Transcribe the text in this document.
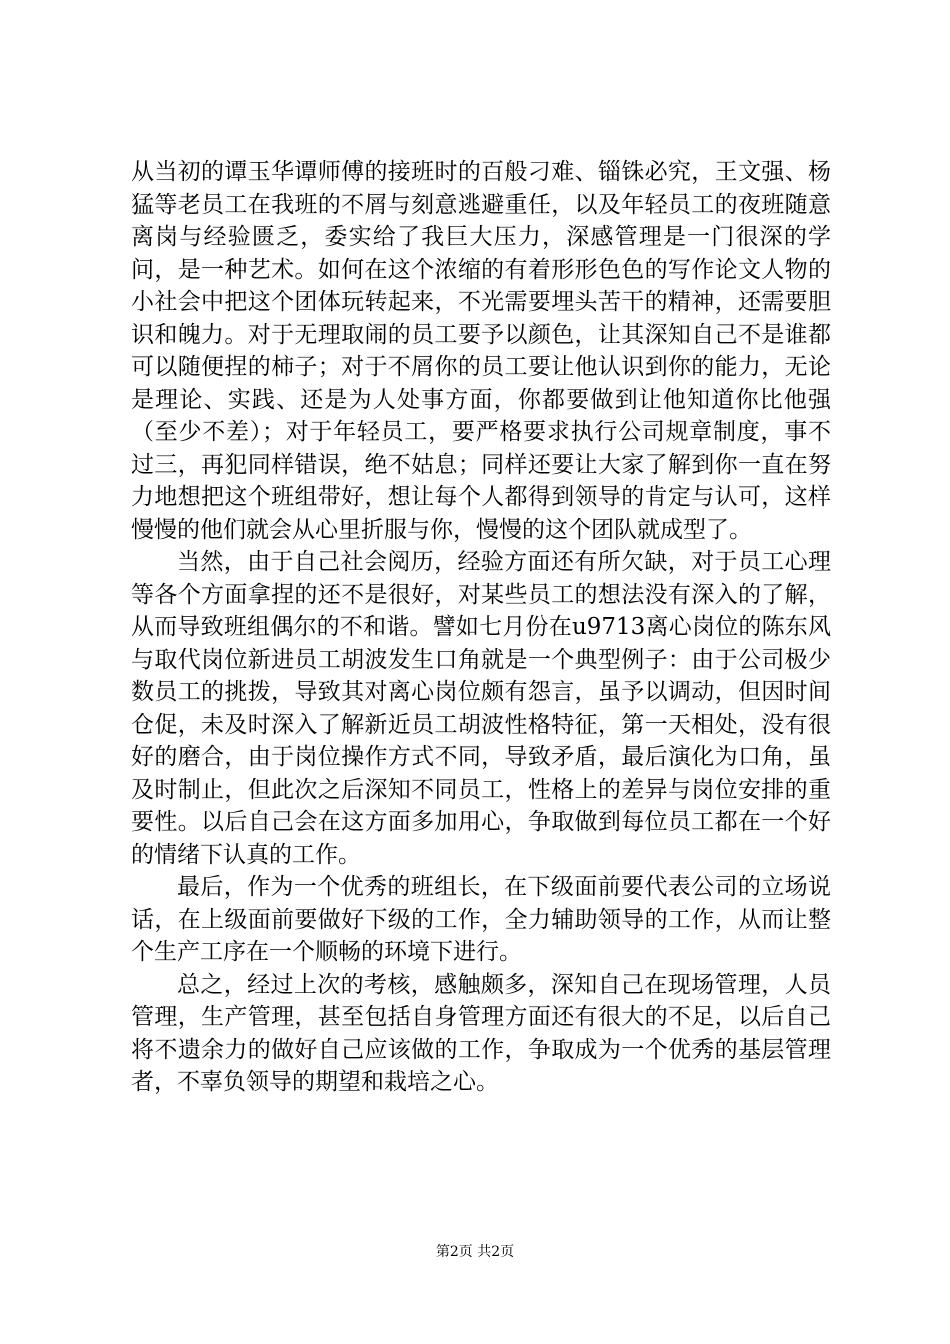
从当初的谭玉华谭师傅的接班时的百般刁难、锱铢必究，王文强、杨猛等老员工在我班的不屑与刻意逃避重任，以及年轻员工的夜班随意离岗与经验匮乏，委实给了我巨大压力，深感管理是一门很深的学问，是一种艺术。如何在这个浓缩的有着形形色色的写作论文人物的小社会中把这个团体玩转起来，不光需要埋头苦干的精神，还需要胆识和魄力。对于无理取闹的员工要予以颜色，让其深知自己不是谁都可以随便捏的柿子；对于不屑你的员工要让他认识到你的能力，无论是理论、实践、还是为人处事方面，你都要做到让他知道你比他强（至少不差）；对于年轻员工，要严格要求执行公司规章制度，事不过三，再犯同样错误，绝不姑息；同样还要让大家了解到你一直在努力地想把这个班组带好，想让每个人都得到领导的肯定与认可，这样慢慢的他们就会从心里折服与你，慢慢的这个团队就成型了。

当然，由于自己社会阅历，经验方面还有所欠缺，对于员工心理等各个方面拿捏的还不是很好，对某些员工的想法没有深入的了解，从而导致班组偶尔的不和谐。譬如七月份在u9713离心岗位的陈东风与取代岗位新进员工胡波发生口角就是一个典型例子：由于公司极少数员工的挑拨，导致其对离心岗位颇有怨言，虽予以调动，但因时间仓促，未及时深入了解新近员工胡波性格特征，第一天相处，没有很好的磨合，由于岗位操作方式不同，导致矛盾，最后演化为口角，虽及时制止，但此次之后深知不同员工，性格上的差异与岗位安排的重要性。以后自己会在这方面多加用心，争取做到每位员工都在一个好的情绪下认真的工作。

最后，作为一个优秀的班组长，在下级面前要代表公司的立场说话，在上级面前要做好下级的工作，全力辅助领导的工作，从而让整个生产工序在一个顺畅的环境下进行。

总之，经过上次的考核，感触颇多，深知自己在现场管理，人员管理，生产管理，甚至包括自身管理方面还有很大的不足，以后自己将不遗余力的做好自己应该做的工作，争取成为一个优秀的基层管理者，不辜负领导的期望和栽培之心。

第2页 共2页
